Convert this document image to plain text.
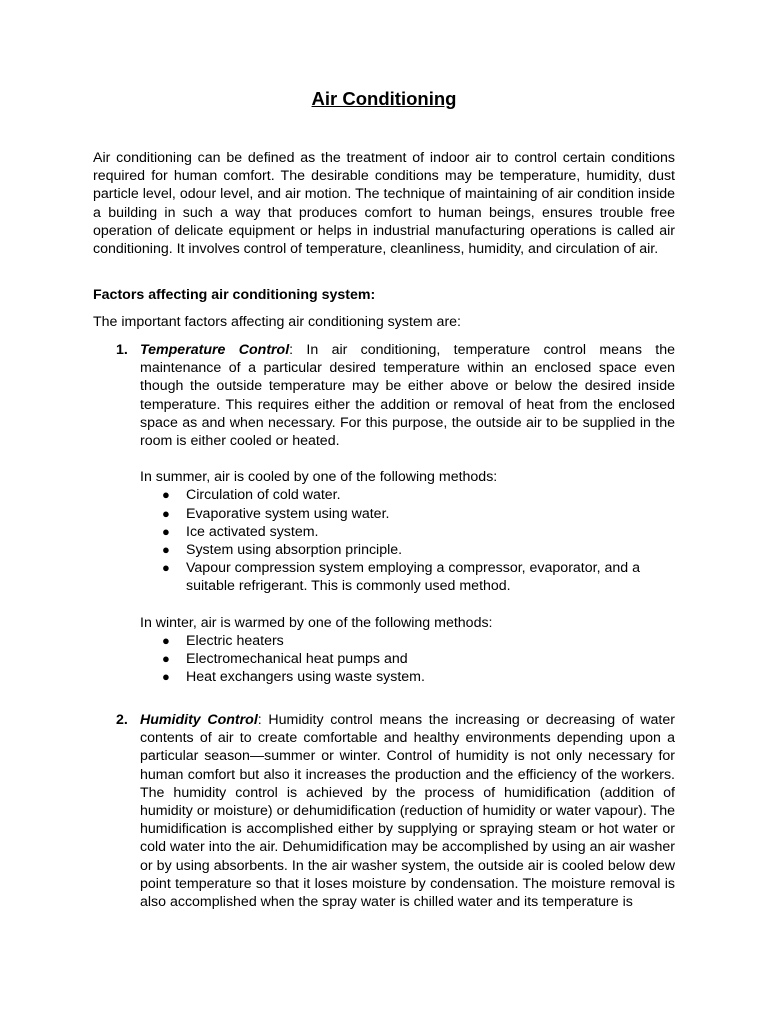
Air Conditioning
Air conditioning can be defined as the treatment of indoor air to control certain conditions required for human comfort. The desirable conditions may be temperature, humidity, dust particle level, odour level, and air motion. The technique of maintaining of air condition inside a building in such a way that produces comfort to human beings, ensures trouble free operation of delicate equipment or helps in industrial manufacturing operations is called air conditioning. It involves control of temperature, cleanliness, humidity, and circulation of air.
Factors affecting air conditioning system:
The important factors affecting air conditioning system are:
1. Temperature Control: In air conditioning, temperature control means the maintenance of a particular desired temperature within an enclosed space even though the outside temperature may be either above or below the desired inside temperature. This requires either the addition or removal of heat from the enclosed space as and when necessary. For this purpose, the outside air to be supplied in the room is either cooled or heated.
In summer, air is cooled by one of the following methods:
● Circulation of cold water.
● Evaporative system using water.
● Ice activated system.
● System using absorption principle.
● Vapour compression system employing a compressor, evaporator, and a suitable refrigerant. This is commonly used method.
In winter, air is warmed by one of the following methods:
● Electric heaters
● Electromechanical heat pumps and
● Heat exchangers using waste system.
2. Humidity Control: Humidity control means the increasing or decreasing of water contents of air to create comfortable and healthy environments depending upon a particular season—summer or winter. Control of humidity is not only necessary for human comfort but also it increases the production and the efficiency of the workers. The humidity control is achieved by the process of humidification (addition of humidity or moisture) or dehumidification (reduction of humidity or water vapour). The humidification is accomplished either by supplying or spraying steam or hot water or cold water into the air. Dehumidification may be accomplished by using an air washer or by using absorbents. In the air washer system, the outside air is cooled below dew point temperature so that it loses moisture by condensation. The moisture removal is also accomplished when the spray water is chilled water and its temperature is
